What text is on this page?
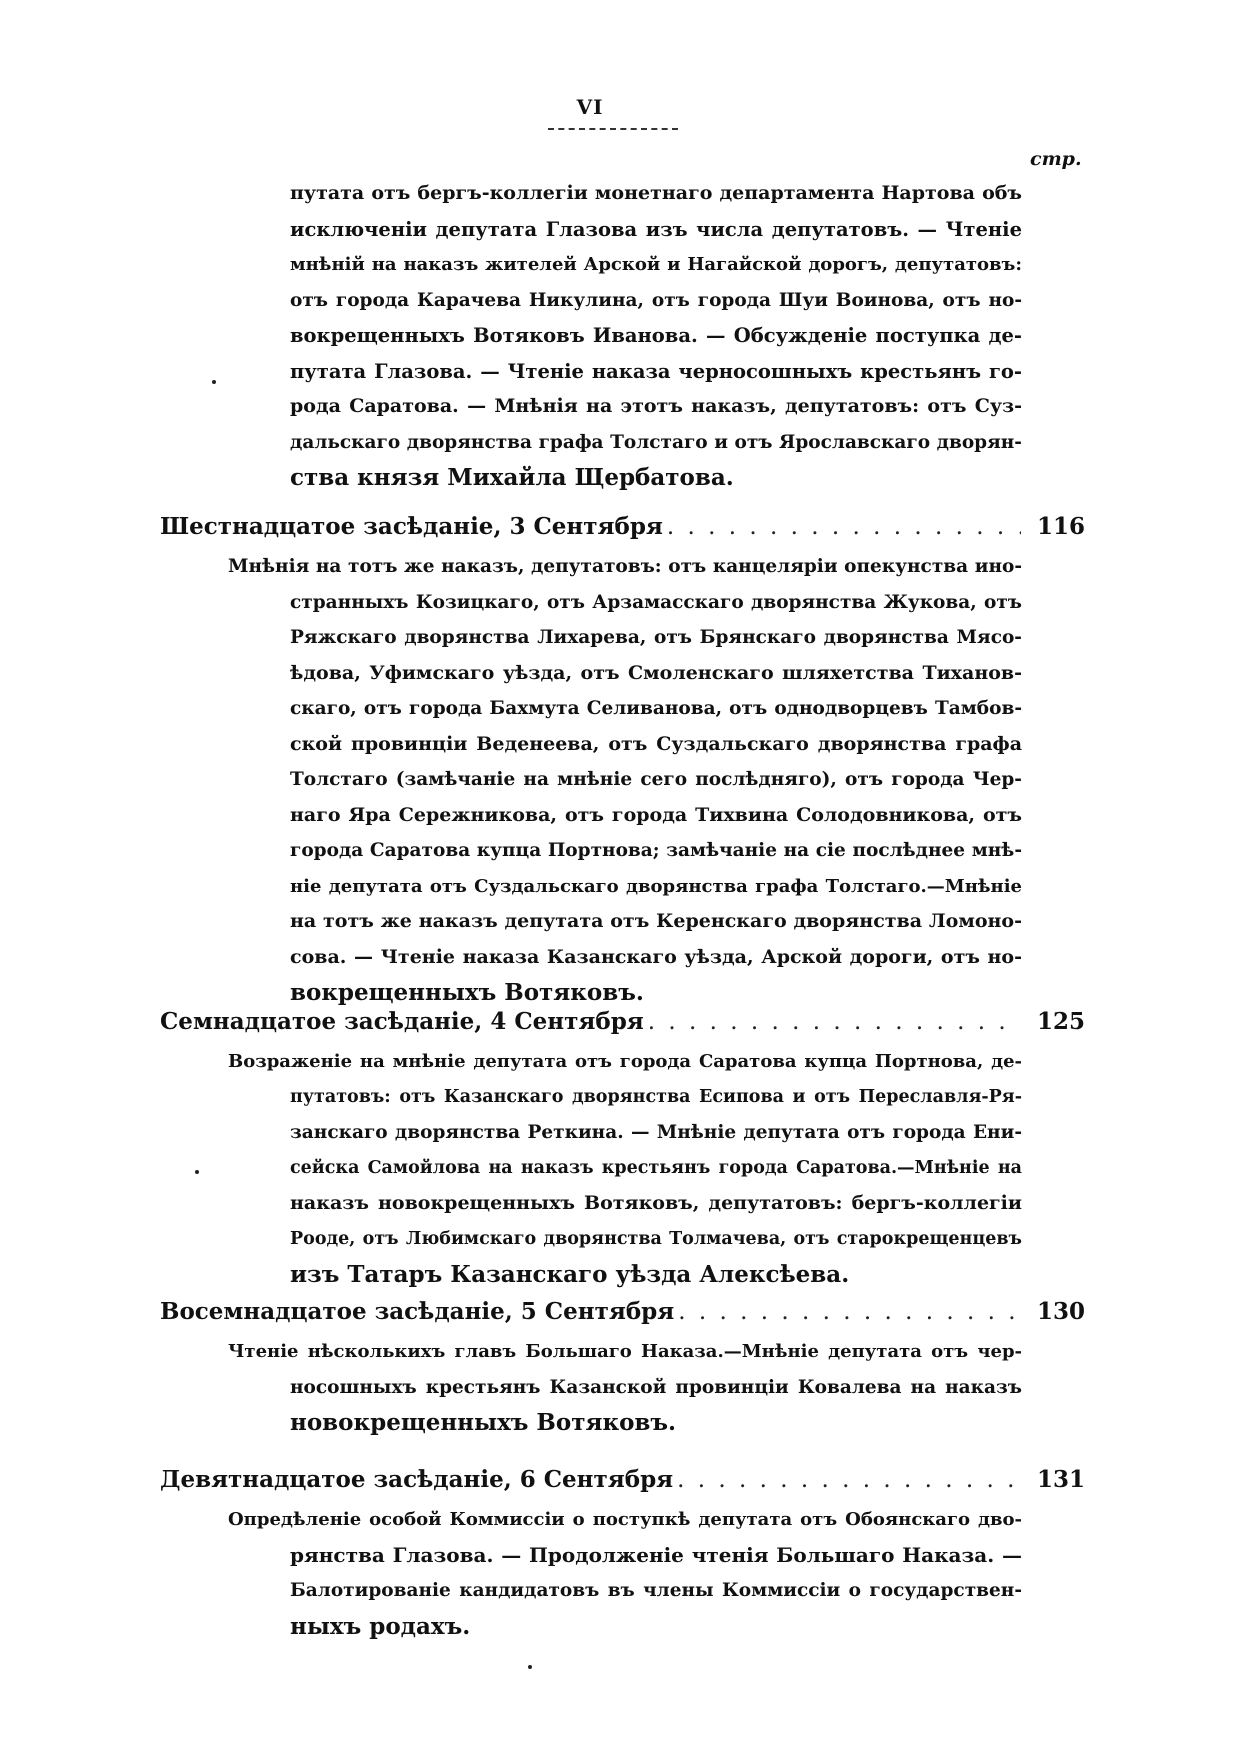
VI
стр.
путата отъ бергъ-коллегіи монетнаго департамента Нартова объ
исключеніи депутата Глазова изъ числа депутатовъ. — Чтеніе
мнѣній на наказъ жителей Арской и Нагайской дорогъ, депутатовъ:
отъ города Карачева Никулина, отъ города Шуи Воинова, отъ но-
вокрещенныхъ Вотяковъ Иванова. — Обсужденіе поступка де-
путата Глазова. — Чтеніе наказа черносошныхъ крестьянъ го-
рода Саратова. — Мнѣнія на этотъ наказъ, депутатовъ: отъ Суз-
дальскаго дворянства графа Толстаго и отъ Ярославскаго дворян-
ства князя Михайла Щербатова.
Шестнадцатое засѣданіе, 3 Сентября . . .	116
Мнѣнія на тотъ же наказъ, депутатовъ: отъ канцеляріи опекунства ино-
странныхъ Козицкаго, отъ Арзамасскаго дворянства Жукова, отъ
Ряжскаго дворянства Лихарева, отъ Брянскаго дворянства Мясо-
ѣдова, Уфимскаго уѣзда, отъ Смоленскаго шляхетства Тиханов-
скаго, отъ города Бахмута Селиванова, отъ однодворцевъ Тамбов-
ской провинціи Веденеева, отъ Суздальскаго дворянства графа
Толстаго (замѣчаніе на мнѣніе сего послѣдняго), отъ города Чер-
наго Яра Сережникова, отъ города Тихвина Солодовникова, отъ
города Саратова купца Портнова; замѣчаніе на сіе послѣднее мнѣ-
ніе депутата отъ Суздальскаго дворянства графа Толстаго.—Мнѣніе
на тотъ же наказъ депутата отъ Керенскаго дворянства Ломоно-
сова. — Чтеніе наказа Казанскаго уѣзда, Арской дороги, отъ но-
вокрещенныхъ Вотяковъ.
Семнадцатое засѣданіе, 4 Сентября . . .	125
Возраженіе на мнѣніе депутата отъ города Саратова купца Портнова, де-
путатовъ: отъ Казанскаго дворянства Есипова и отъ Переславля-Ря-
занскаго дворянства Реткина. — Мнѣніе депутата отъ города Ени-
сейска Самойлова на наказъ крестьянъ города Саратова.—Мнѣніе на
наказъ новокрещенныхъ Вотяковъ, депутатовъ: бергъ-коллегіи
Рооде, отъ Любимскаго дворянства Толмачева, отъ старокрещенцевъ
изъ Татаръ Казанскаго уѣзда Алексѣева.
Восемнадцатое засѣданіе, 5 Сентября . . .	130
Чтеніе нѣсколькихъ главъ Большаго Наказа.—Мнѣніе депутата отъ чер-
носошныхъ крестьянъ Казанской провинціи Ковалева на наказъ
новокрещенныхъ Вотяковъ.
Девятнадцатое засѣданіе, 6 Сентября . . .	131
Опредѣленіе особой Коммиссіи о поступкѣ депутата отъ Обоянскаго дво-
рянства Глазова. — Продолженіе чтенія Большаго Наказа. —
Балотированіе кандидатовъ въ члены Коммиссіи о государствен-
ныхъ родахъ.
